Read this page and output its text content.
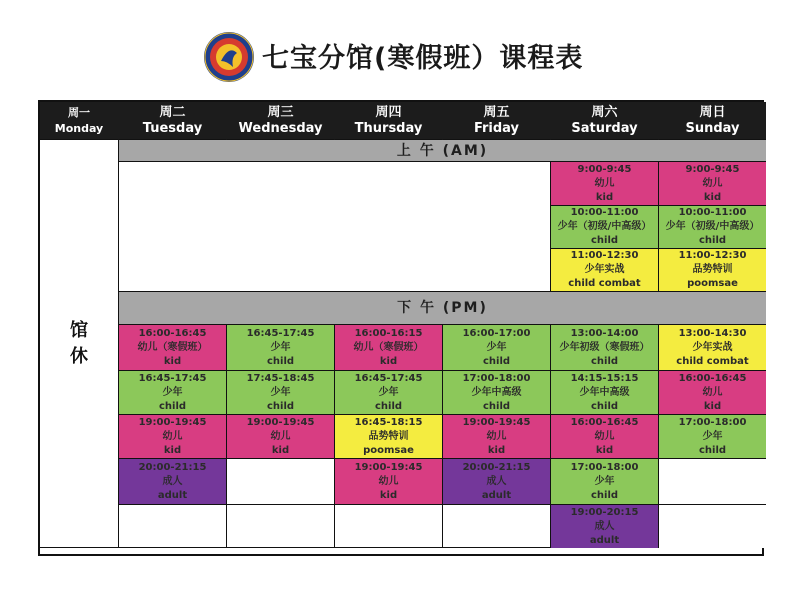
七宝分馆(寒假班）课程表
周一
Monday
周二
Tuesday
周三
Wednesday
周四
Thursday
周五
Friday
周六
Saturday
周日
Sunday
馆
休
上 午 (AM)
9:00-9:45
幼儿
kid
10:00-11:00
少年（初级/中高级）
child
11:00-12:30
少年实战
child combat
9:00-9:45
幼儿
kid
10:00-11:00
少年（初级/中高级）
child
11:00-12:30
品势特训
poomsae
下 午 (PM)
16:00-16:45
幼儿（寒假班）
kid
16:45-17:45
少年
child
19:00-19:45
幼儿
kid
20:00-21:15
成人
adult
16:45-17:45
少年
child
17:45-18:45
少年
child
19:00-19:45
幼儿
kid
16:00-16:15
幼儿（寒假班）
kid
16:45-17:45
少年
child
16:45-18:15
品势特训
poomsae
19:00-19:45
幼儿
kid
16:00-17:00
少年
child
17:00-18:00
少年中高级
child
19:00-19:45
幼儿
kid
20:00-21:15
成人
adult
13:00-14:00
少年初级（寒假班）
child
14:15-15:15
少年中高级
child
16:00-16:45
幼儿
kid
17:00-18:00
少年
child
19:00-20:15
成人
adult
13:00-14:30
少年实战
child combat
16:00-16:45
幼儿
kid
17:00-18:00
少年
child
